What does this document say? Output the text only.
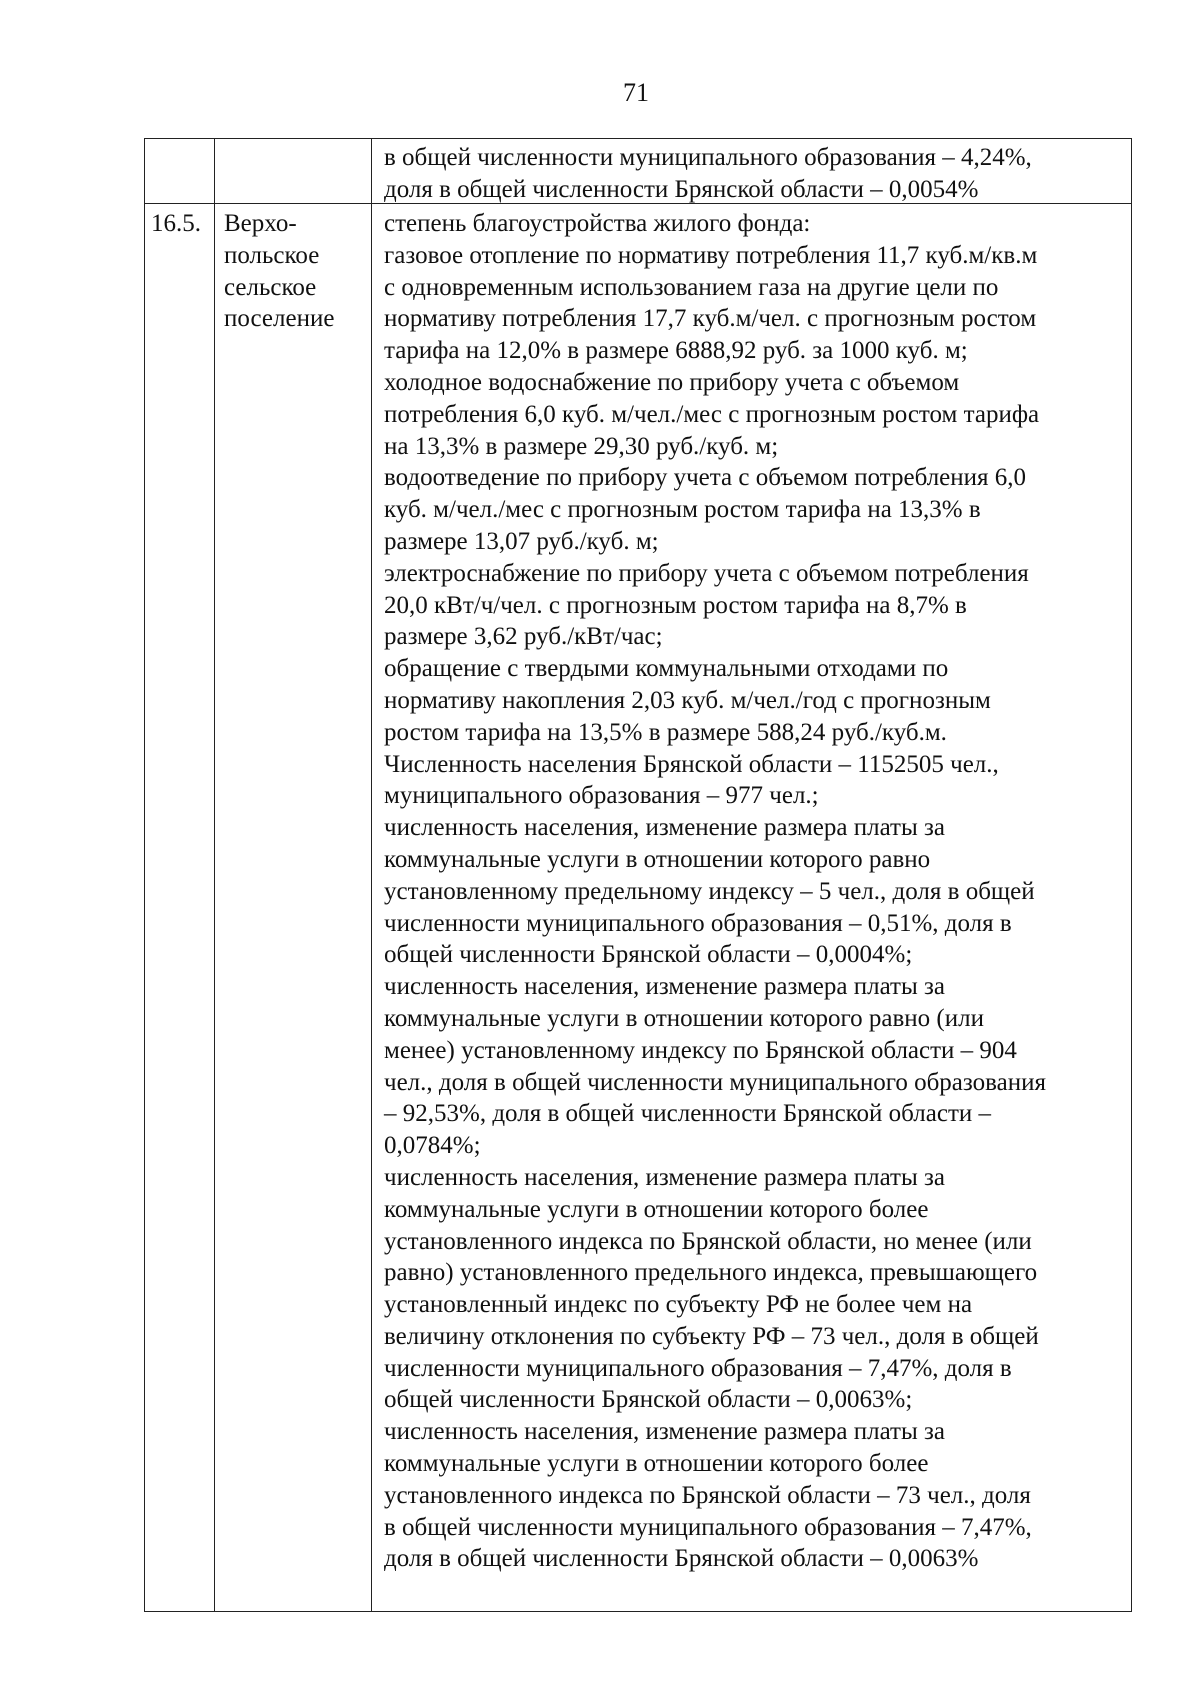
71
в общей численности муниципального образования – 4,24%,
доля в общей численности Брянской области – 0,0054%
16.5. Верхо-
польское
сельское
поселение
степень благоустройства жилого фонда:
газовое отопление по нормативу потребления 11,7 куб.м/кв.м
с одновременным использованием газа на другие цели по
нормативу потребления 17,7 куб.м/чел. с прогнозным ростом
тарифа на 12,0% в размере 6888,92 руб. за 1000 куб. м;
холодное водоснабжение по прибору учета с объемом
потребления 6,0 куб. м/чел./мес с прогнозным ростом тарифа
на 13,3% в размере 29,30 руб./куб. м;
водоотведение по прибору учета с объемом потребления 6,0
куб. м/чел./мес с прогнозным ростом тарифа на 13,3% в
размере 13,07 руб./куб. м;
электроснабжение по прибору учета с объемом потребления
20,0 кВт/ч/чел. с прогнозным ростом тарифа на 8,7% в
размере 3,62 руб./кВт/час;
обращение с твердыми коммунальными отходами по
нормативу накопления 2,03 куб. м/чел./год с прогнозным
ростом тарифа на 13,5% в размере 588,24 руб./куб.м.
Численность населения Брянской области – 1152505 чел.,
муниципального образования – 977 чел.;
численность населения, изменение размера платы за
коммунальные услуги в отношении которого равно
установленному предельному индексу – 5 чел., доля в общей
численности муниципального образования – 0,51%, доля в
общей численности Брянской области – 0,0004%;
численность населения, изменение размера платы за
коммунальные услуги в отношении которого равно (или
менее) установленному индексу по Брянской области – 904
чел., доля в общей численности муниципального образования
– 92,53%, доля в общей численности Брянской области –
0,0784%;
численность населения, изменение размера платы за
коммунальные услуги в отношении которого более
установленного индекса по Брянской области, но менее (или
равно) установленного предельного индекса, превышающего
установленный индекс по субъекту РФ не более чем на
величину отклонения по субъекту РФ – 73 чел., доля в общей
численности муниципального образования – 7,47%, доля в
общей численности Брянской области – 0,0063%;
численность населения, изменение размера платы за
коммунальные услуги в отношении которого более
установленного индекса по Брянской области – 73 чел., доля
в общей численности муниципального образования – 7,47%,
доля в общей численности Брянской области – 0,0063%
